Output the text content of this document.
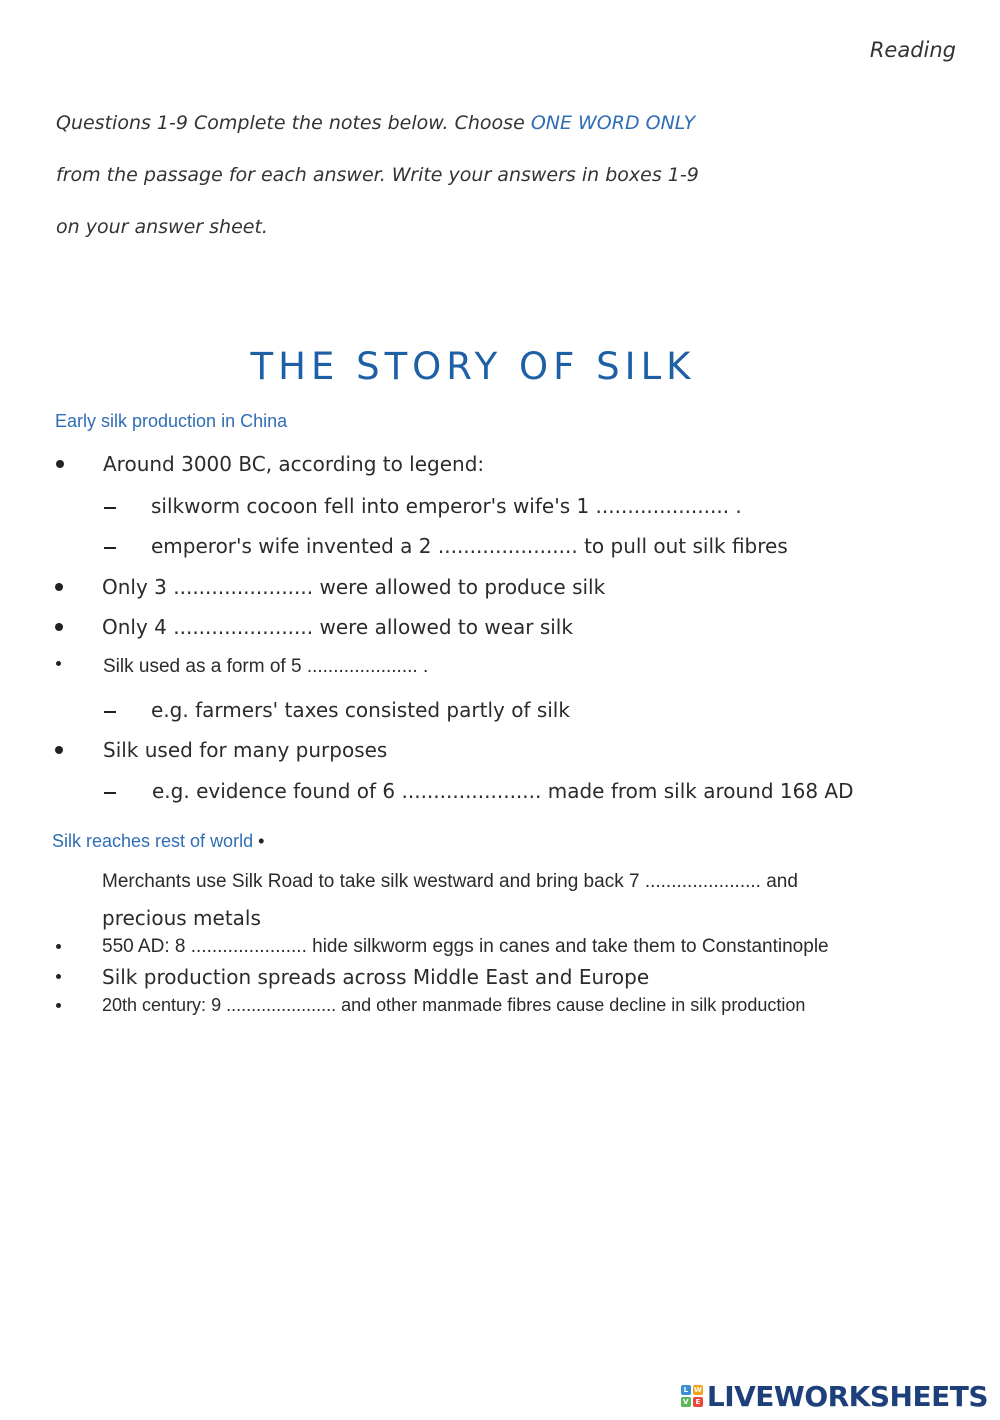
Reading
Questions 1-9 Complete the notes below. Choose ONE WORD ONLY
from the passage for each answer. Write your answers in boxes 1-9
on your answer sheet.
THE STORY OF SILK
Early silk production in China
Around 3000 BC, according to legend:
silkworm cocoon fell into emperor's wife's 1 ..................... .
emperor's wife invented a 2 ...................... to pull out silk fibres
Only 3 ...................... were allowed to produce silk
Only 4 ...................... were allowed to wear silk
Silk used as a form of 5 ..................... .
e.g. farmers' taxes consisted partly of silk
Silk used for many purposes
e.g. evidence found of 6 ...................... made from silk around 168 AD
Silk reaches rest of world •
Merchants use Silk Road to take silk westward and bring back 7 ...................... and
precious metals
550 AD: 8 ...................... hide silkworm eggs in canes and take them to Constantinople
Silk production spreads across Middle East and Europe
20th century: 9 ...................... and other manmade fibres cause decline in silk production
L W
V E LIVEWORKSHEETS
